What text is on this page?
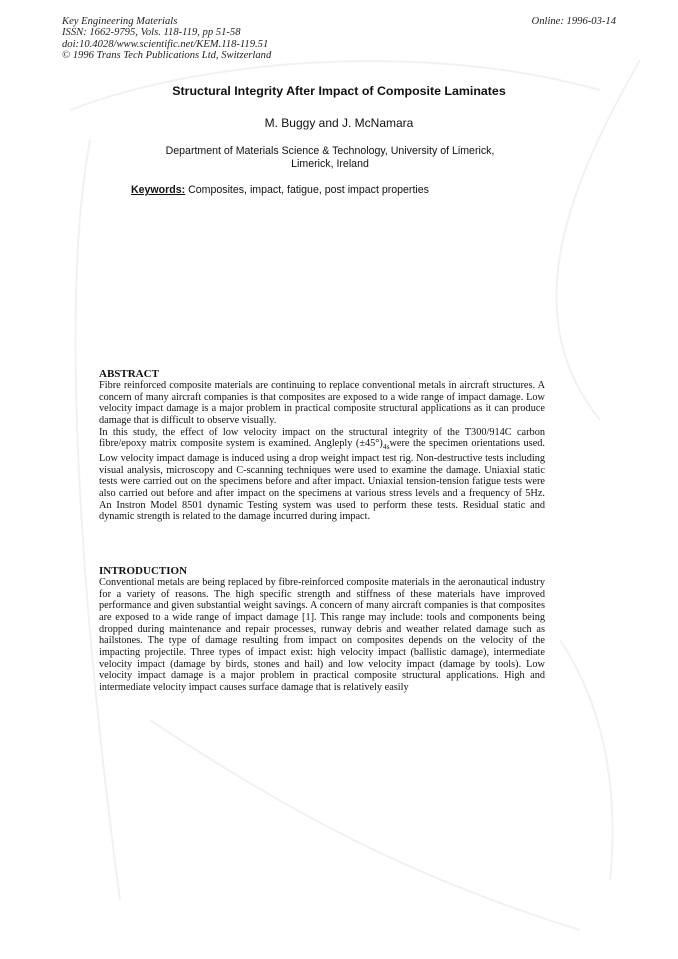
Key Engineering Materials
ISSN: 1662-9795, Vols. 118-119, pp 51-58
doi:10.4028/www.scientific.net/KEM.118-119.51
© 1996 Trans Tech Publications Ltd, Switzerland
Online: 1996-03-14
Structural Integrity After Impact of Composite Laminates
M. Buggy and J. McNamara
Department of Materials Science & Technology, University of Limerick,
Limerick, Ireland
Keywords: Composites, impact, fatigue, post impact properties
ABSTRACT

Fibre reinforced composite materials are continuing to replace conventional metals in aircraft structures. A concern of many aircraft companies is that composites are exposed to a wide range of impact damage. Low velocity impact damage is a major problem in practical composite structural applications as it can produce damage that is difficult to observe visually.

In this study, the effect of low velocity impact on the structural integrity of the T300/914C carbon fibre/epoxy matrix composite system is examined. Angleply $(\pm 45^\circ)_{4s}were$ the specimen orientations used. Low velocity impact damage is induced using a drop weight impact test rig. Non-destructive tests including visual analysis, microscopy and C-scanning techniques were used to examine the damage. Uniaxial static tests were carried out on the specimens before and after impact. Uniaxial tension-tension fatigue tests were also carried out before and after impact on the specimens at various stress levels and a frequency of 5Hz. An Instron Model 8501 dynamic Testing system was used to perform these tests. Residual static and dynamic strength is related to the damage incurred during impact.

INTRODUCTION

Conventional metals are being replaced by fibre-reinforced composite materials in the aeronautical industry for a variety of reasons. The high specific strength and stiffness of these materials have improved performance and given substantial weight savings. A concern of many aircraft companies is that composites are exposed to a wide range of impact damage [1]. This range may include: tools and components being dropped during maintenance and repair processes, runway debris and weather related damage such as hailstones. The type of damage resulting from impact on composites depends on the velocity of the impacting projectile. Three types of impact exist: high velocity impact (ballistic damage), intermediate velocity impact (damage by birds, stones and hail) and low velocity impact (damage by tools). Low velocity impact damage is a major problem in practical composite structural applications. High and intermediate velocity impact causes surface damage that is relatively easily
